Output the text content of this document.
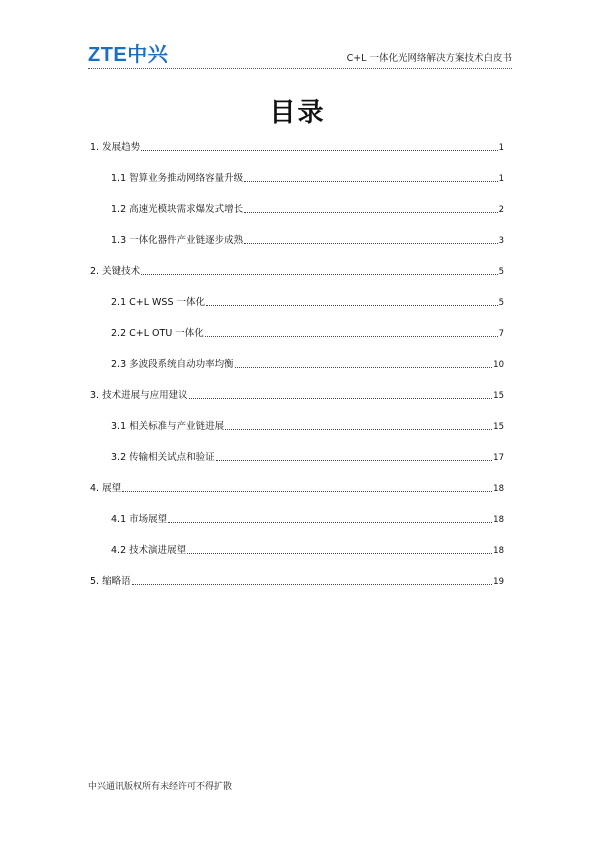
ZTE中兴	C+L 一体化光网络解决方案技术白皮书
目录
1. 发展趋势	1
1.1 智算业务推动网络容量升级	1
1.2 高速光模块需求爆发式增长	2
1.3 一体化器件产业链逐步成熟	3
2. 关键技术	5
2.1 C+L WSS 一体化	5
2.2 C+L OTU 一体化	7
2.3 多波段系统自动功率均衡	10
3. 技术进展与应用建议	15
3.1 相关标准与产业链进展	15
3.2 传输相关试点和验证	17
4. 展望	18
4.1 市场展望	18
4.2 技术演进展望	18
5. 缩略语	19
中兴通讯版权所有未经许可不得扩散
